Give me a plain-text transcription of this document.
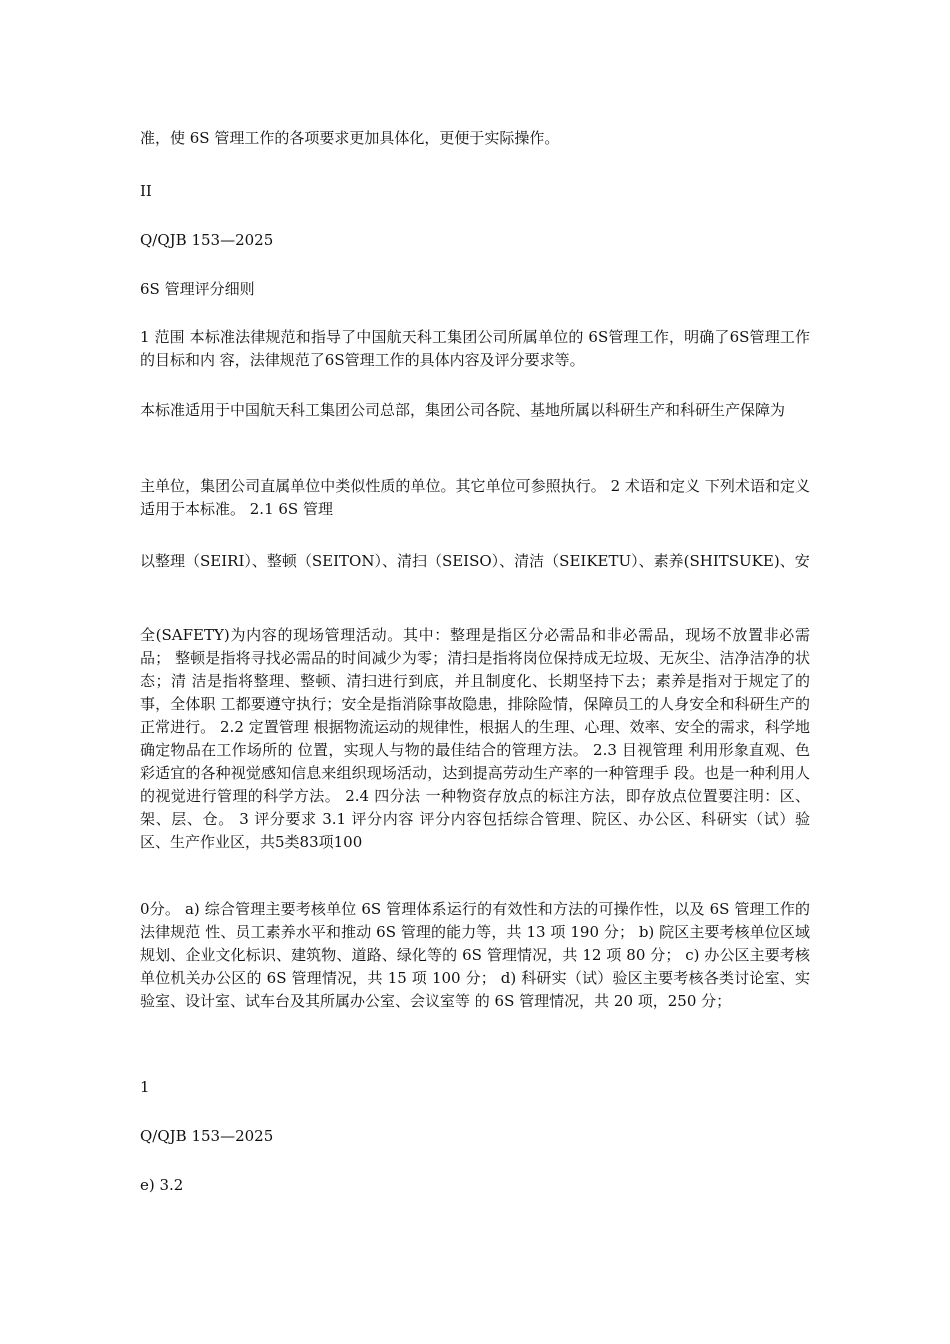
准，使 6S 管理工作的各项要求更加具体化，更便于实际操作。
II
Q/QJB 153—2025
6S 管理评分细则
1 范围 本标准法律规范和指导了中国航天科工集团公司所属单位的 6S管理工作，明确了6S管理工作的目标和内 容，法律规范了6S管理工作的具体内容及评分要求等。
本标准适用于中国航天科工集团公司总部，集团公司各院、基地所属以科研生产和科研生产保障为
主单位，集团公司直属单位中类似性质的单位。其它单位可参照执行。 2 术语和定义 下列术语和定义适用于本标准。 2.1 6S 管理
以整理（SEIRI）、整顿（SEITON）、清扫（SEISO）、清洁（SEIKETU）、素养(SHITSUKE)、安
全(SAFETY)为内容的现场管理活动。其中：整理是指区分必需品和非必需品，现场不放置非必需品； 整顿是指将寻找必需品的时间减少为零；清扫是指将岗位保持成无垃圾、无灰尘、洁净洁净的状态；清 洁是指将整理、整顿、清扫进行到底，并且制度化、长期坚持下去；素养是指对于规定了的事，全体职 工都要遵守执行；安全是指消除事故隐患，排除险情，保障员工的人身安全和科研生产的正常进行。 2.2 定置管理 根据物流运动的规律性，根据人的生理、心理、效率、安全的需求，科学地确定物品在工作场所的 位置，实现人与物的最佳结合的管理方法。 2.3 目视管理 利用形象直观、色彩适宜的各种视觉感知信息来组织现场活动，达到提高劳动生产率的一种管理手 段。也是一种利用人的视觉进行管理的科学方法。 2.4 四分法 一种物资存放点的标注方法，即存放点位置要注明：区、架、层、仓。 3 评分要求 3.1 评分内容 评分内容包括综合管理、院区、办公区、科研实（试）验区、生产作业区，共5类83项100
0分。 a) 综合管理主要考核单位 6S 管理体系运行的有效性和方法的可操作性，以及 6S 管理工作的法律规范 性、员工素养水平和推动 6S 管理的能力等，共 13 项 190 分； b) 院区主要考核单位区域规划、企业文化标识、建筑物、道路、绿化等的 6S 管理情况，共 12 项 80 分； c) 办公区主要考核单位机关办公区的 6S 管理情况，共 15 项 100 分； d) 科研实（试）验区主要考核各类讨论室、实验室、设计室、试车台及其所属办公室、会议室等 的 6S 管理情况，共 20 项，250 分；
1
Q/QJB 153—2025
e) 3.2
